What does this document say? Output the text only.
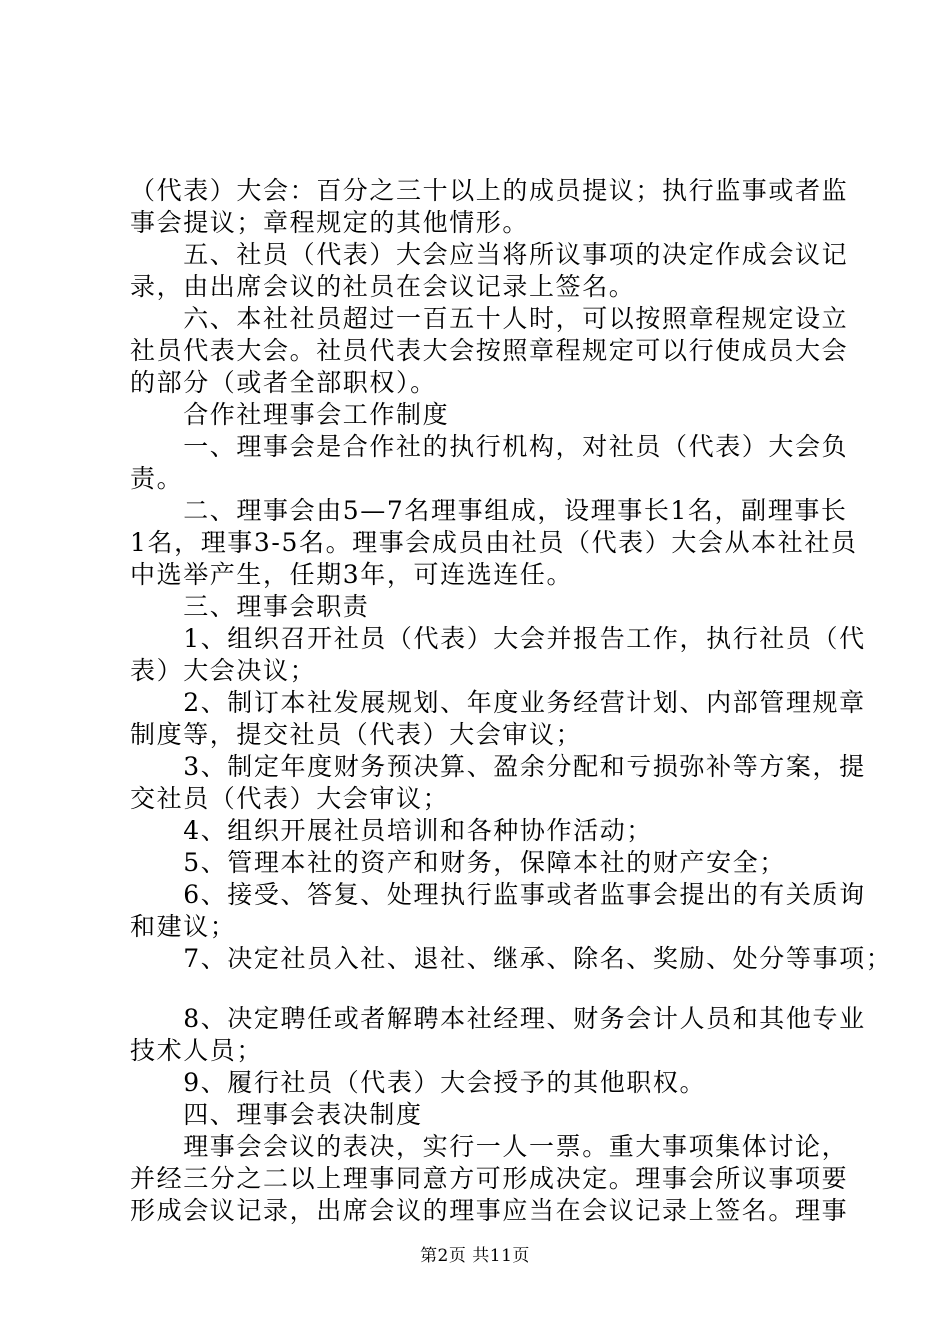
（代表）大会：百分之三十以上的成员提议；执行监事或者监
事会提议；章程规定的其他情形。
　　五、社员（代表）大会应当将所议事项的决定作成会议记
录，由出席会议的社员在会议记录上签名。
　　六、本社社员超过一百五十人时，可以按照章程规定设立
社员代表大会。社员代表大会按照章程规定可以行使成员大会
的部分（或者全部职权）。
　　合作社理事会工作制度
　　一、理事会是合作社的执行机构，对社员（代表）大会负
责。
　　二、理事会由5—7名理事组成，设理事长1名，副理事长
1名，理事3-5名。理事会成员由社员（代表）大会从本社社员
中选举产生，任期3年，可连选连任。
　　三、理事会职责
　　1、组织召开社员（代表）大会并报告工作，执行社员（代
表）大会决议；
　　2、制订本社发展规划、年度业务经营计划、内部管理规章
制度等，提交社员（代表）大会审议；
　　3、制定年度财务预决算、盈余分配和亏损弥补等方案，提
交社员（代表）大会审议；
　　4、组织开展社员培训和各种协作活动；
　　5、管理本社的资产和财务，保障本社的财产安全；
　　6、接受、答复、处理执行监事或者监事会提出的有关质询
和建议；
　　7、决定社员入社、退社、继承、除名、奖励、处分等事项；
　　8、决定聘任或者解聘本社经理、财务会计人员和其他专业
技术人员；
　　9、履行社员（代表）大会授予的其他职权。
　　四、理事会表决制度
　　理事会会议的表决，实行一人一票。重大事项集体讨论，
并经三分之二以上理事同意方可形成决定。理事会所议事项要
形成会议记录，出席会议的理事应当在会议记录上签名。理事
第2页 共11页
